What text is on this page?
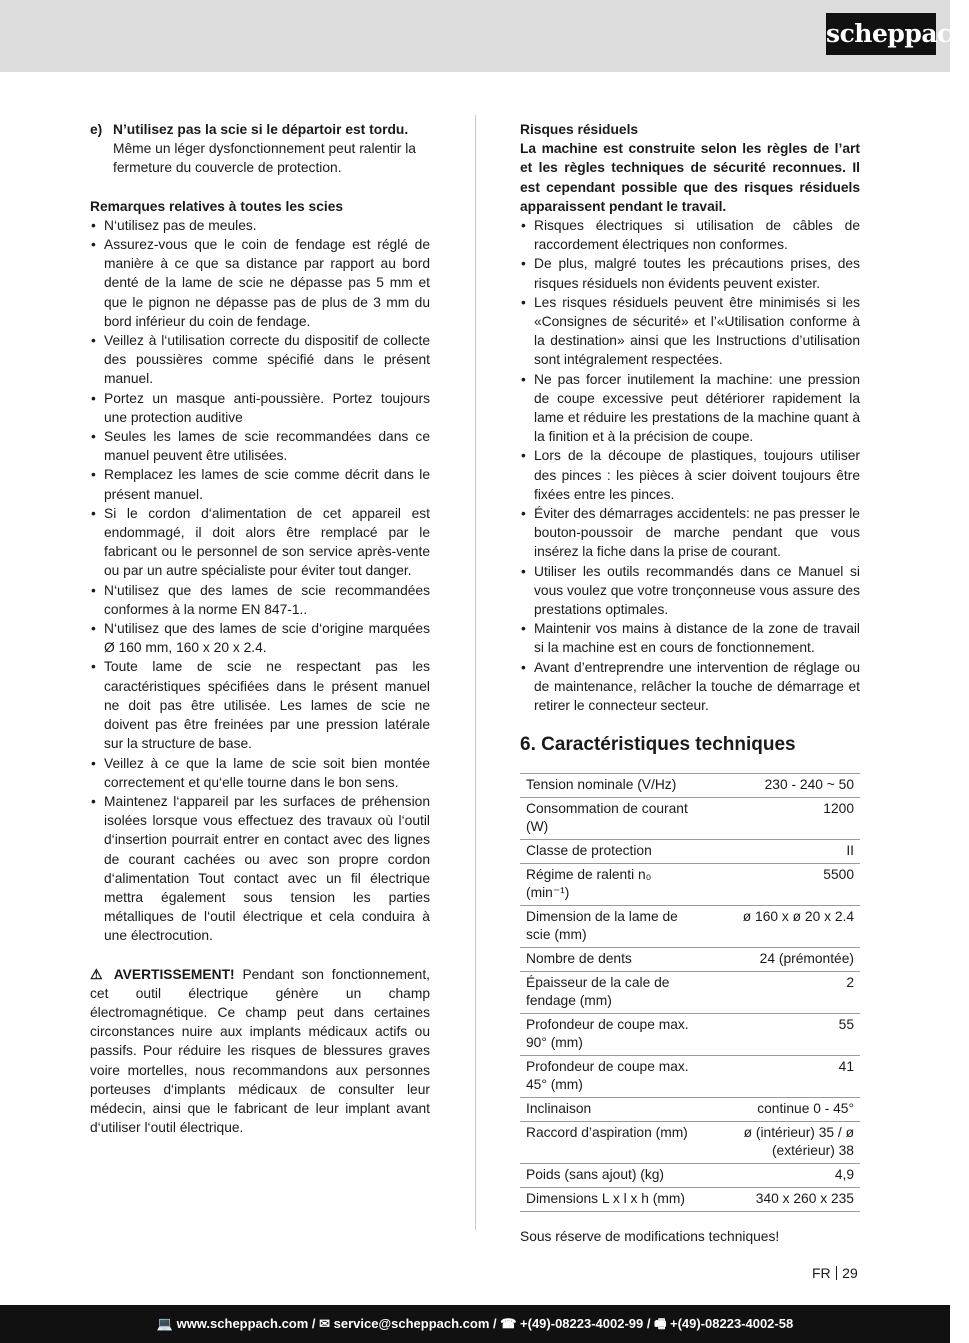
scheppach
e) N’utilisez pas la scie si le départoir est tordu.
Même un léger dysfonctionnement peut ralentir la fermeture du couvercle de protection.
Remarques relatives à toutes les scies
• N‘utilisez pas de meules.
• Assurez-vous que le coin de fendage est réglé de manière à ce que sa distance par rapport au bord denté de la lame de scie ne dépasse pas 5 mm et que le pignon ne dépasse pas de plus de 3 mm du bord inférieur du coin de fendage.
• Veillez à l‘utilisation correcte du dispositif de collecte des poussières comme spécifié dans le présent manuel.
• Portez un masque anti-poussière. Portez toujours une protection auditive
• Seules les lames de scie recommandées dans ce manuel peuvent être utilisées.
• Remplacez les lames de scie comme décrit dans le présent manuel.
• Si le cordon d‘alimentation de cet appareil est endommagé, il doit alors être remplacé par le fabricant ou le personnel de son service après-vente ou par un autre spécialiste pour éviter tout danger.
• N‘utilisez que des lames de scie recommandées conformes à la norme EN 847-1..
• N‘utilisez que des lames de scie d‘origine marquées Ø 160 mm, 160 x 20 x 2.4.
• Toute lame de scie ne respectant pas les caractéristiques spécifiées dans le présent manuel ne doit pas être utilisée. Les lames de scie ne doivent pas être freinées par une pression latérale sur la structure de base.
• Veillez à ce que la lame de scie soit bien montée correctement et qu‘elle tourne dans le bon sens.
• Maintenez l‘appareil par les surfaces de préhension isolées lorsque vous effectuez des travaux où l‘outil d‘insertion pourrait entrer en contact avec des lignes de courant cachées ou avec son propre cordon d‘alimentation Tout contact avec un fil électrique mettra également sous tension les parties métalliques de l‘outil électrique et cela conduira à une électrocution.
⚠ AVERTISSEMENT! Pendant son fonctionnement, cet outil électrique génère un champ électromagnétique. Ce champ peut dans certaines circonstances nuire aux implants médicaux actifs ou passifs. Pour réduire les risques de blessures graves voire mortelles, nous recommandons aux personnes porteuses d‘implants médicaux de consulter leur médecin, ainsi que le fabricant de leur implant avant d‘utiliser l‘outil électrique.
Risques résiduels
La machine est construite selon les règles de l’art et les règles techniques de sécurité reconnues. Il est cependant possible que des risques résiduels apparaissent pendant le travail.
• Risques électriques si utilisation de câbles de raccordement électriques non conformes.
• De plus, malgré toutes les précautions prises, des risques résiduels non évidents peuvent exister.
• Les risques résiduels peuvent être minimisés si les «Consignes de sécurité» et l’«Utilisation conforme à la destination» ainsi que les Instructions d’utilisation sont intégralement respectées.
• Ne pas forcer inutilement la machine: une pression de coupe excessive peut détériorer rapidement la lame et réduire les prestations de la machine quant à la finition et à la précision de coupe.
• Lors de la découpe de plastiques, toujours utiliser des pinces : les pièces à scier doivent toujours être fixées entre les pinces.
• Éviter des démarrages accidentels: ne pas presser le bouton-poussoir de marche pendant que vous insérez la fiche dans la prise de courant.
• Utiliser les outils recommandés dans ce Manuel si vous voulez que votre tronçonneuse vous assure des prestations optimales.
• Maintenir vos mains à distance de la zone de travail si la machine est en cours de fonctionnement.
• Avant d’entreprendre une intervention de réglage ou de maintenance, relâcher la touche de démarrage et retirer le connecteur secteur.
6. Caractéristiques techniques
Tension nominale (V/Hz)	230 - 240 ~ 50
Consommation de courant (W)	1200
Classe de protection	II
Régime de ralenti n₀ (min⁻¹)	5500
Dimension de la lame de scie (mm)	ø 160 x ø 20 x 2.4
Nombre de dents	24 (prémontée)
Épaisseur de la cale de fendage (mm)	2
Profondeur de coupe max. 90° (mm)	55
Profondeur de coupe max. 45° (mm)	41
Inclinaison	continue 0 - 45°
Raccord d’aspiration (mm)	ø (intérieur) 35 / ø (extérieur) 38
Poids (sans ajout) (kg)	4,9
Dimensions L x l x h (mm)	340 x 260 x 235
Sous réserve de modifications techniques!
FR 29
💻 www.scheppach.com / ✉ service@scheppach.com / ☎ +(49)-08223-4002-99 / 🖷 +(49)-08223-4002-58
